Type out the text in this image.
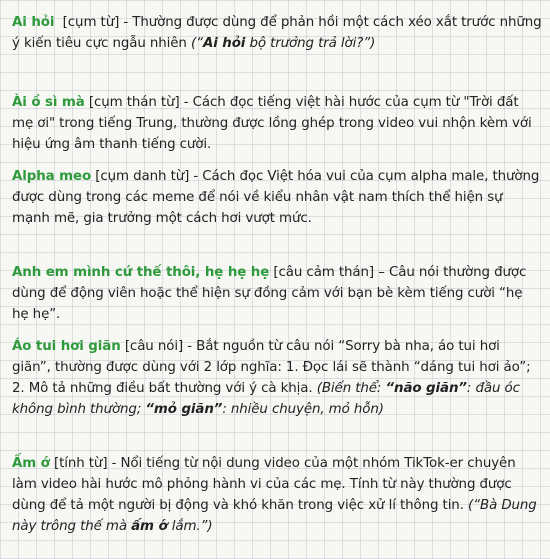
Ai hỏi [cụm từ] - Thường được dùng để phản hồi một cách xéo xắt trước những ý kiến tiêu cực ngẫu nhiên (“Ai hỏi bộ trưởng trả lời?”)
Ài ồ sì mà [cụm thán từ] - Cách đọc tiếng việt hài hước của cụm từ "Trời đất mẹ ơi" trong tiếng Trung, thường được lồng ghép trong video vui nhộn kèm với hiệu ứng âm thanh tiếng cười.
Alpha meo [cụm danh từ] - Cách đọc Việt hóa vui của cụm alpha male, thường được dùng trong các meme để nói về kiểu nhân vật nam thích thể hiện sự mạnh mẽ, gia trưởng một cách hơi vượt mức.
Anh em mình cứ thế thôi, hẹ hẹ hẹ [câu cảm thán] – Câu nói thường được dùng để động viên hoặc thể hiện sự đồng cảm với bạn bè kèm tiếng cười “hẹ hẹ hẹ”.
Áo tui hơi giãn [câu nói] - Bắt nguồn từ câu nói “Sorry bà nha, áo tui hơi giãn”, thường được dùng với 2 lớp nghĩa: 1. Đọc lái sẽ thành “dáng tui hơi ảo”; 2. Mô tả những điều bất thường với ý cà khịa. (Biến thể: “não giãn”: đầu óc không bình thường; “mỏ giãn”: nhiều chuyện, mỏ hỗn)
Ấm ớ [tính từ] - Nổi tiếng từ nội dung video của một nhóm TikTok-er chuyên làm video hài hước mô phỏng hành vi của các mẹ. Tính từ này thường được dùng để tả một người bị động và khó khăn trong việc xử lí thông tin. (“Bà Dung này trông thế mà ấm ớ lắm.”)
